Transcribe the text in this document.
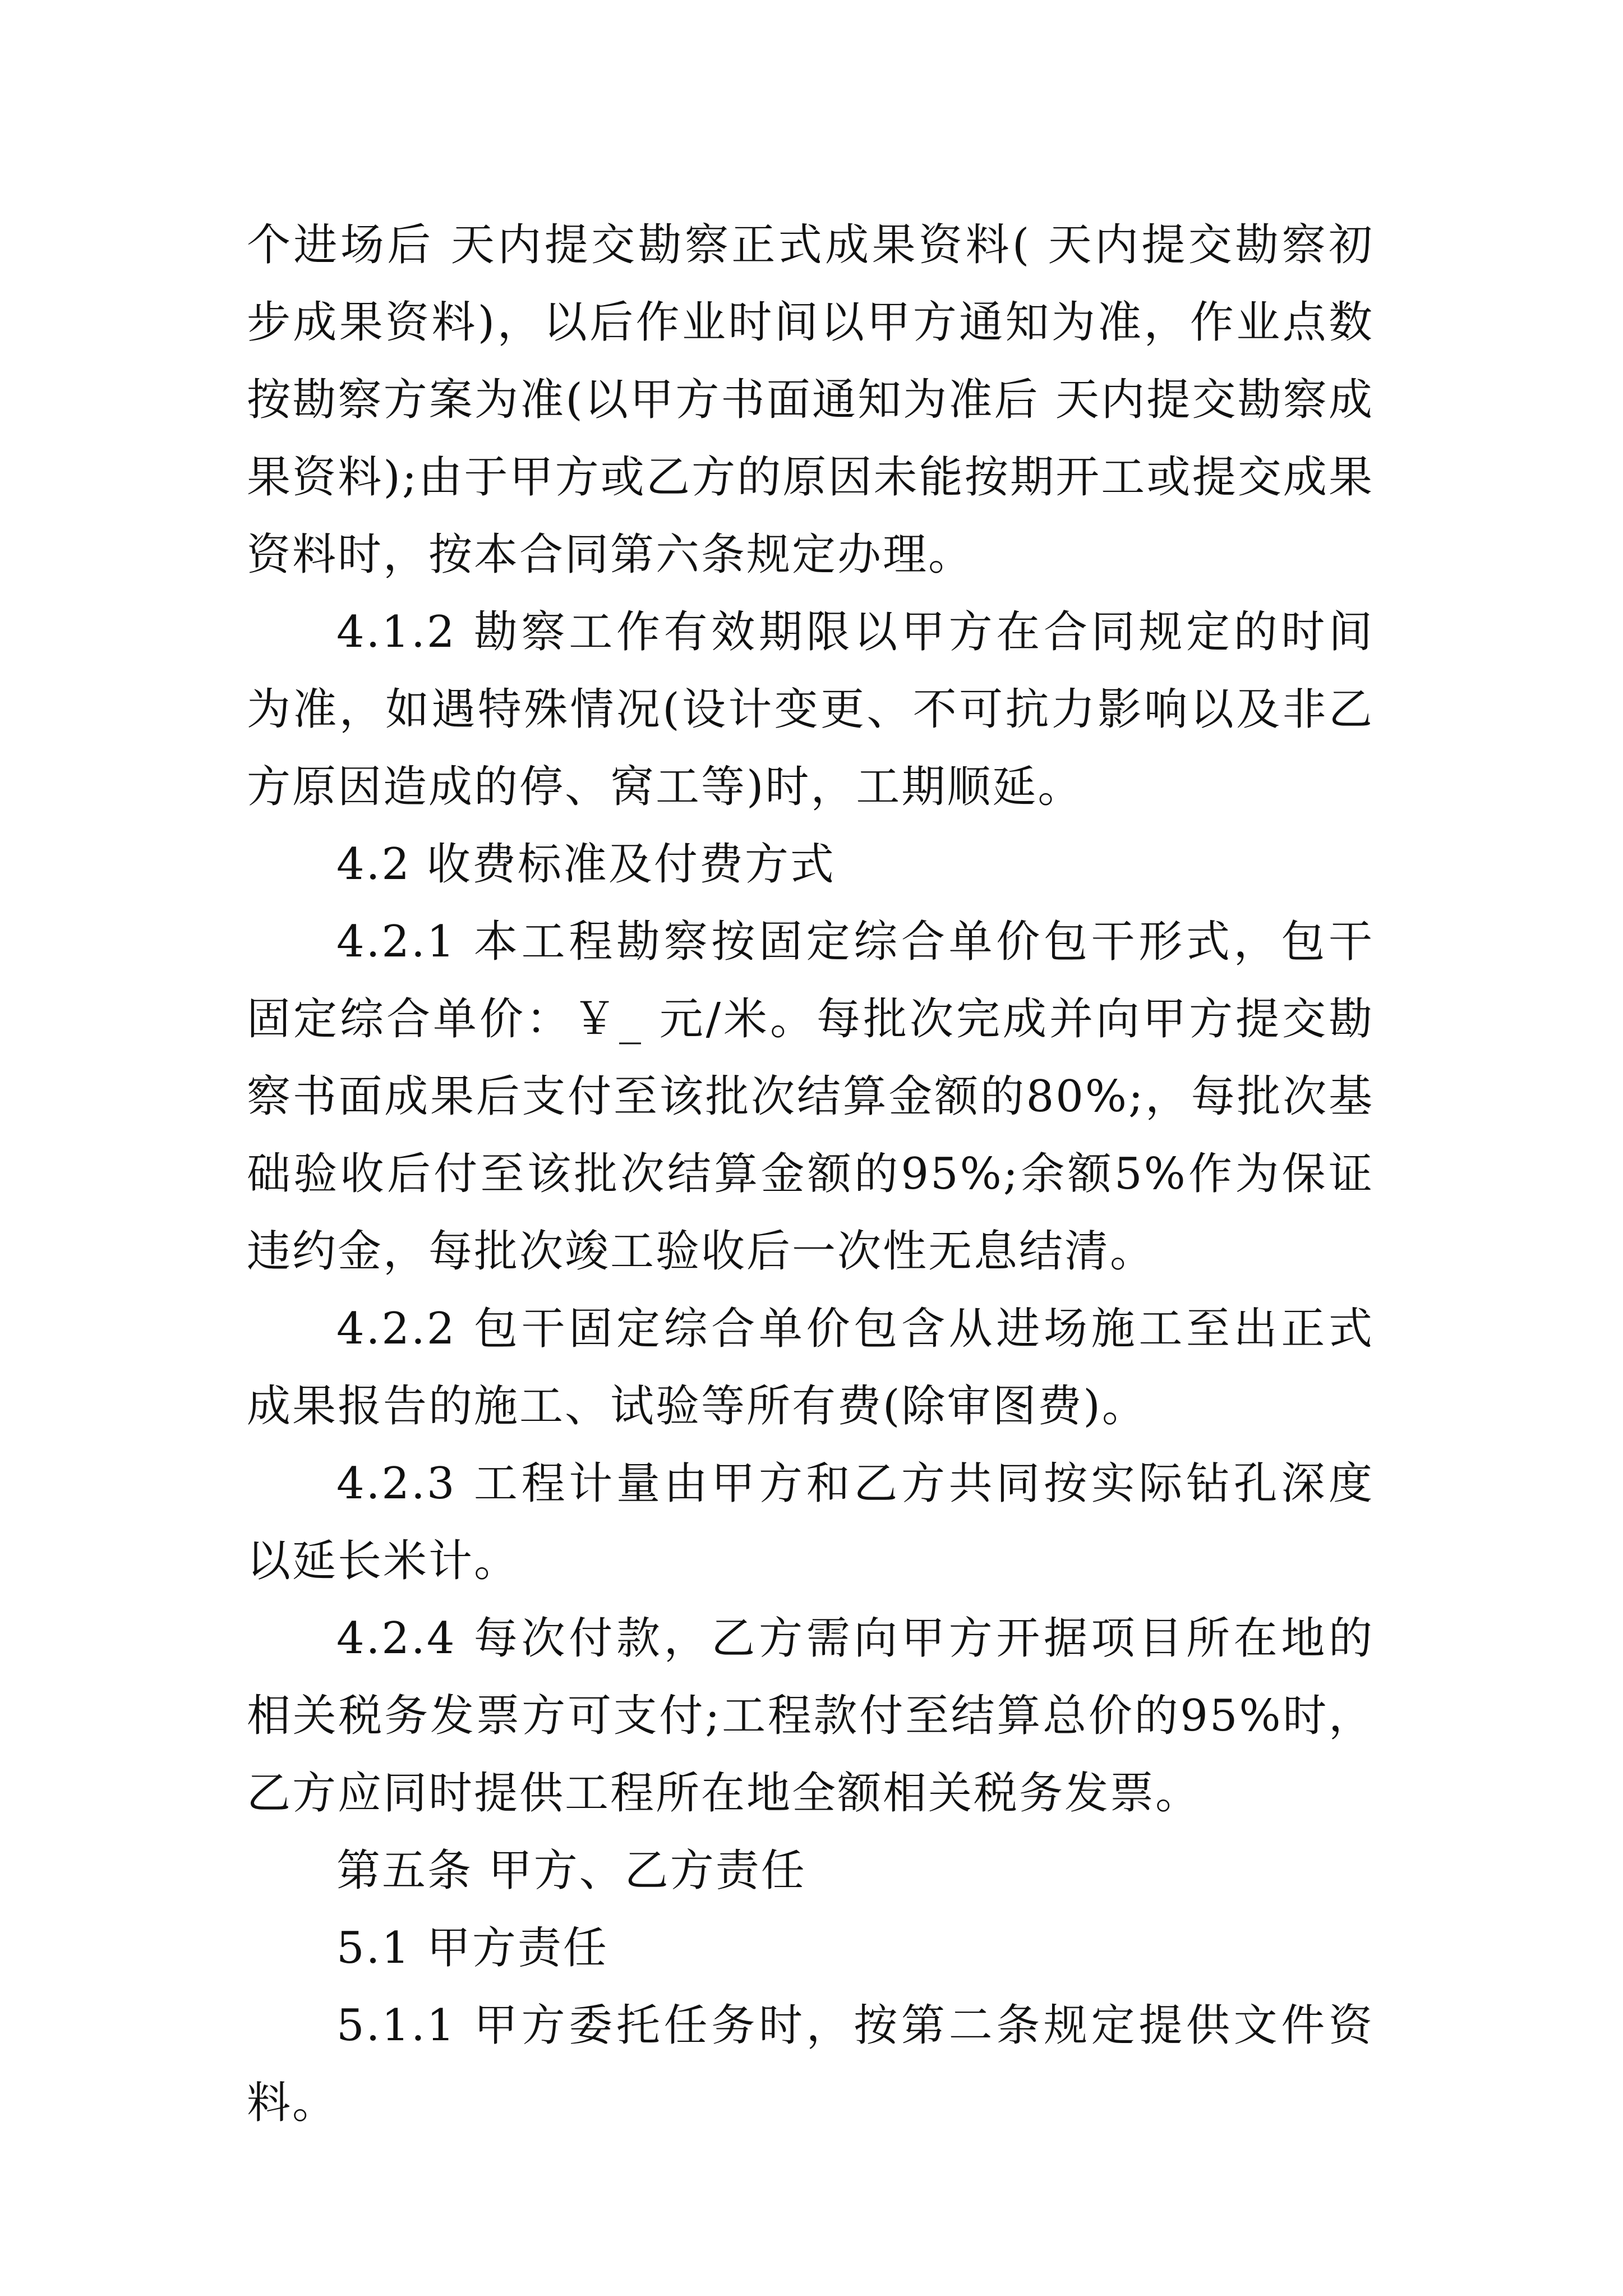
个进场后 天内提交勘察正式成果资料( 天内提交勘察初步成果资料)，以后作业时间以甲方通知为准，作业点数按勘察方案为准(以甲方书面通知为准后 天内提交勘察成果资料);由于甲方或乙方的原因未能按期开工或提交成果资料时，按本合同第六条规定办理。

4.1.2 勘察工作有效期限以甲方在合同规定的时间为准，如遇特殊情况(设计变更、不可抗力影响以及非乙方原因造成的停、窝工等)时，工期顺延。

4.2 收费标准及付费方式

4.2.1 本工程勘察按固定综合单价包干形式，包干固定综合单价：￥_ 元/米。每批次完成并向甲方提交勘察书面成果后支付至该批次结算金额的80%;，每批次基础验收后付至该批次结算金额的95%;余额5%作为保证违约金，每批次竣工验收后一次性无息结清。

4.2.2 包干固定综合单价包含从进场施工至出正式成果报告的施工、试验等所有费(除审图费)。

4.2.3 工程计量由甲方和乙方共同按实际钻孔深度以延长米计。

4.2.4 每次付款，乙方需向甲方开据项目所在地的相关税务发票方可支付;工程款付至结算总价的95%时，乙方应同时提供工程所在地全额相关税务发票。

第五条 甲方、乙方责任

5.1 甲方责任

5.1.1 甲方委托任务时，按第二条规定提供文件资料。
